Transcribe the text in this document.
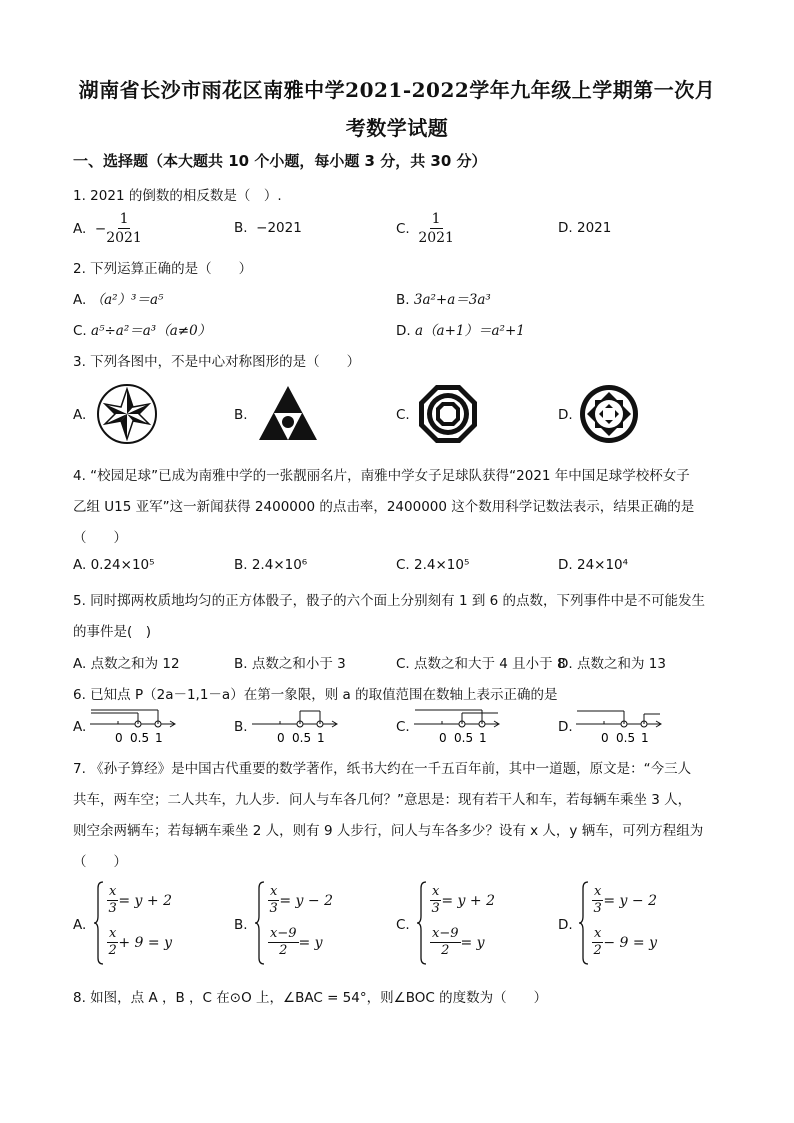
湖南省长沙市雨花区南雅中学2021-2022学年九年级上学期第一次月
考数学试题
一、选择题（本大题共 10 个小题，每小题 3 分，共 30 分）
1. 2021 的倒数的相反数是（　）.
A.
− $\frac{1}{2021}$	B. −2021	C.
$\frac{1}{2021}$	D. 2021
2. 下列运算正确的是（　　）
A. （a²）³＝a⁵	B. 3a²+a＝3a³
C. a⁵÷a²＝a³（a≠0）	D. a（a+1）＝a²+1
3. 下列各图中，不是中心对称图形的是（　　）
A.	B.	C.	D.
4. “校园足球”已成为南雅中学的一张靓丽名片，南雅中学女子足球队获得“2021 年中国足球学校杯女子
乙组 U15 亚军”这一新闻获得 2400000 的点击率，2400000 这个数用科学记数法表示，结果正确的是
（　　）
A. 0.24×10⁵	B. 2.4×10⁶	C. 2.4×10⁵	D. 24×10⁴
5. 同时掷两枚质地均匀的正方体骰子，骰子的六个面上分别刻有 1 到 6 的点数，下列事件中是不可能发生
的事件是(　)
A. 点数之和为 12	B. 点数之和小于 3	C. 点数之和大于 4 且小于 8
D. 点数之和为 13
6. 已知点 P（2a－1,1－a）在第一象限，则 a 的取值范围在数轴上表示正确的是
A.
0 0.5 1
B.
0 0.5 1
C.
0 0.5 1
D.
0 0.5 1
7. 《孙子算经》是中国古代重要的数学著作，纸书大约在一千五百年前，其中一道题，原文是：“今三人
共车，两车空；二人共车，九人步．问人与车各几何？”意思是：现有若干人和车，若每辆车乘坐 3 人，
则空余两辆车；若每辆车乘坐 2 人，则有 9 人步行，问人与车各多少？设有 x 人，y 辆车，可列方程组为
（　　）
A.
$\frac{x}{3} = y + 2$
$\frac{x}{2} + 9 = y$
B.
$\frac{x}{3} = y - 2$
$\frac{x-9}{2} = y$
C.
$\frac{x}{3} = y + 2$
$\frac{x-9}{2} = y$
D.
$\frac{x}{3} = y - 2$
$\frac{x}{2} - 9 = y$
8. 如图，点 A ，B ，C 在⊙O 上，∠BAC = 54°，则∠BOC 的度数为（　　）
